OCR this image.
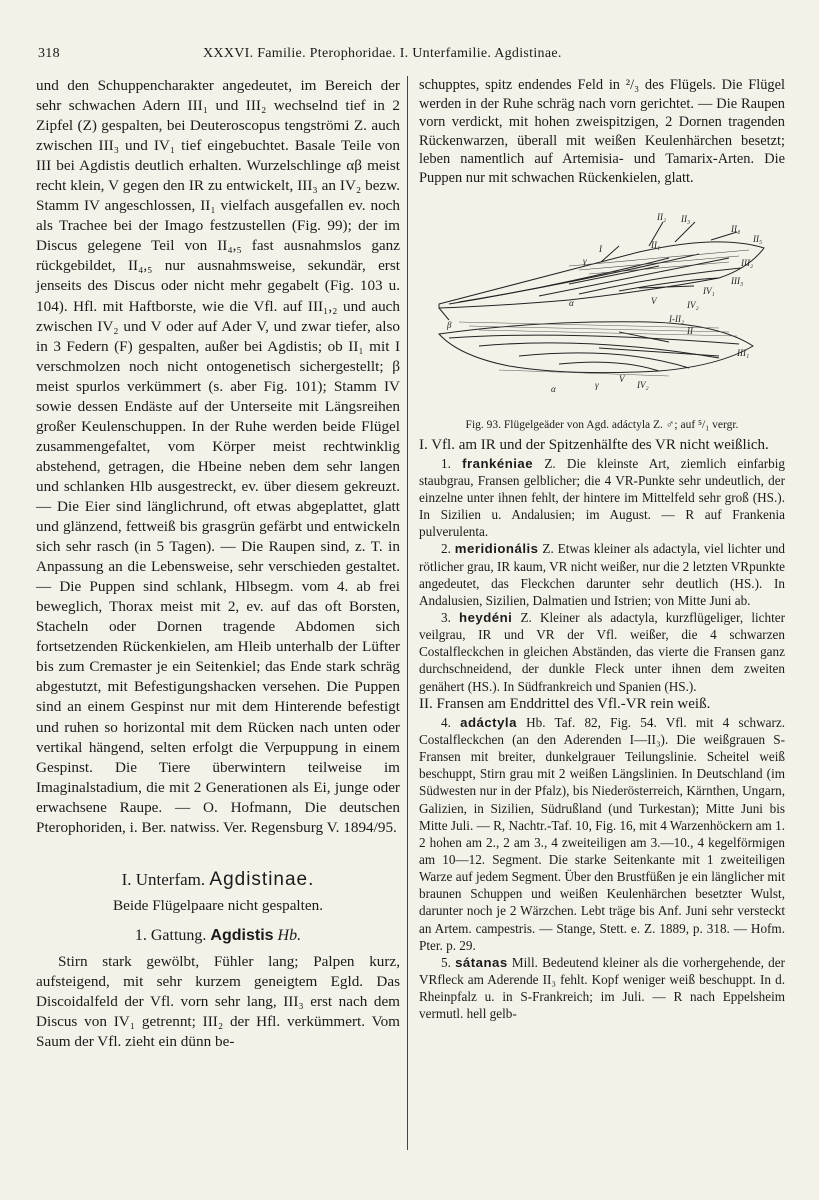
318	XXXVI. Familie. Pterophoridae. I. Unterfamilie. Agdistinae.

und den Schuppencharakter angedeutet, im Bereich der sehr schwachen Adern III₁ und III₂ wechselnd tief in 2 Zipfel (Z) gespalten, bei Deuteroscopus tengströmi Z. auch zwischen III₃ und IV₁ tief eingebuchtet. Basale Teile von III bei Agdistis deutlich erhalten. Wurzelschlinge αβ meist recht klein, V gegen den IR zu entwickelt, III₃ an IV₂ bezw. Stamm IV angeschlossen, II₁ vielfach ausgefallen ev. noch als Trachee bei der Imago festzustellen (Fig. 99); der im Discus gelegene Teil von II₄,₅ fast ausnahmslos ganz rückgebildet, II₄,₅ nur ausnahmsweise, sekundär, erst jenseits des Discus oder nicht mehr gegabelt (Fig. 103 u. 104). Hfl. mit Haftborste, wie die Vfl. auf III₁,₂ und auch zwischen IV₂ und V oder auf Ader V, und zwar tiefer, also in 3 Federn (F) gespalten, außer bei Agdistis; ob II₁ mit I verschmolzen noch nicht ontogenetisch sichergestellt; β meist spurlos verkümmert (s. aber Fig. 101); Stamm IV sowie dessen Endäste auf der Unterseite mit Längsreihen großer Keulenschuppen. In der Ruhe werden beide Flügel zusammengefaltet, vom Körper meist rechtwinklig abstehend, getragen, die Hbeine neben dem sehr langen und schlanken Hlb ausgestreckt, ev. über diesem gekreuzt. — Die Eier sind länglichrund, oft etwas abgeplattet, glatt und glänzend, fettweiß bis grasgrün gefärbt und entwickeln sich sehr rasch (in 5 Tagen). — Die Raupen sind, z. T. in Anpassung an die Lebensweise, sehr verschieden gestaltet. — Die Puppen sind schlank, Hlbsegm. vom 4. ab frei beweglich, Thorax meist mit 2, ev. auf das oft Borsten, Stacheln oder Dornen tragende Abdomen sich fortsetzenden Rückenkielen, am Hleib unterhalb der Lüfter bis zum Cremaster je ein Seitenkiel; das Ende stark schräg abgestutzt, mit Befestigungshacken versehen. Die Puppen sind an einem Gespinst nur mit dem Hinterende befestigt und ruhen so horizontal mit dem Rücken nach unten oder vertikal hängend, selten erfolgt die Verpuppung in einem Gespinst. Die Tiere überwintern teilweise im Imaginalstadium, die mit 2 Generationen als Ei, junge oder erwachsene Raupe. — O. Hofmann, Die deutschen Pterophoriden, i. Ber. natwiss. Ver. Regensburg V. 1894/95.

I. Unterfam. Agdistinae.

Beide Flügelpaare nicht gespalten.

1. Gattung. Agdistis Hb.

Stirn stark gewölbt, Fühler lang; Palpen kurz, aufsteigend, mit sehr kurzem geneigtem Egld. Das Discoidalfeld der Vfl. vorn sehr lang, III₃ erst nach dem Discus von IV₁ getrennt; III₂ der Hfl. verkümmert. Vom Saum der Vfl. zieht ein dünn be-

schupptes, spitz endendes Feld in ²/₃ des Flügels. Die Flügel werden in der Ruhe schräg nach vorn gerichtet. — Die Raupen vorn verdickt, mit hohen zweispitzigen, 2 Dornen tragenden Rückenwarzen, überall mit weißen Keulenhärchen besetzt; leben namentlich auf Artemisia- und Tamarix-Arten. Die Puppen nur mit schwachen Rückenkielen, glatt.

II₂ II₃
II₄
II₅
I
γ
II₁
III₂
III₃
IV₁
IV₂
V
α
β
I-II₂
II
III₁
IV₂
V
α	γ
Fig. 93. Flügelgeäder von Agd. adáctyla Z. ♂; auf ⁵/₁ vergr.

I. Vfl. am IR und der Spitzenhälfte des VR nicht weißlich.

1. frankéniae Z. Die kleinste Art, ziemlich einfarbig staubgrau, Fransen gelblicher; die 4 VR-Punkte sehr undeutlich, der einzelne unter ihnen fehlt, der hintere im Mittelfeld sehr groß (HS.). In Sizilien u. Andalusien; im August. — R auf Frankenia pulverulenta.

2. meridionális Z. Etwas kleiner als adactyla, viel lichter und rötlicher grau, IR kaum, VR nicht weißer, nur die 2 letzten VRpunkte angedeutet, das Fleckchen darunter sehr deutlich (HS.). In Andalusien, Sizilien, Dalmatien und Istrien; von Mitte Juni ab.

3. heydéni Z. Kleiner als adactyla, kurzflügeliger, lichter veilgrau, IR und VR der Vfl. weißer, die 4 schwarzen Costalfleckchen in gleichen Abständen, das vierte die Fransen ganz durchschneidend, der dunkle Fleck unter ihnen dem zweiten genähert (HS.). In Südfrankreich und Spanien (HS.).

II. Fransen am Enddrittel des Vfl.-VR rein weiß.

4. adáctyla Hb. Taf. 82, Fig. 54. Vfl. mit 4 schwarz. Costalfleckchen (an den Aderenden I—II₃). Die weißgrauen S-Fransen mit breiter, dunkelgrauer Teilungslinie. Scheitel weiß beschuppt, Stirn grau mit 2 weißen Längslinien. In Deutschland (im Südwesten nur in der Pfalz), bis Niederösterreich, Kärnthen, Ungarn, Galizien, in Sizilien, Südrußland (und Turkestan); Mitte Juni bis Mitte Juli. — R, Nachtr.-Taf. 10, Fig. 16, mit 4 Warzenhöckern am 1. 2 hohen am 2., 2 am 3., 4 zweiteiligen am 3.—10., 4 kegelförmigen am 10—12. Segment. Die starke Seitenkante mit 1 zweiteiligen Warze auf jedem Segment. Über den Brustfüßen je ein länglicher mit braunen Schuppen und weißen Keulenhärchen besetzter Wulst, darunter noch je 2 Wärzchen. Lebt träge bis Anf. Juni sehr versteckt an Artem. campestris. — Stange, Stett. e. Z. 1889, p. 318. — Hofm. Pter. p. 29.

5. sátanas Mill. Bedeutend kleiner als die vorhergehende, der VRfleck am Aderende II₃ fehlt. Kopf weniger weiß beschuppt. In d. Rheinpfalz u. in S-Frankreich; im Juli. — R nach Eppelsheim vermutl. hell gelb-
